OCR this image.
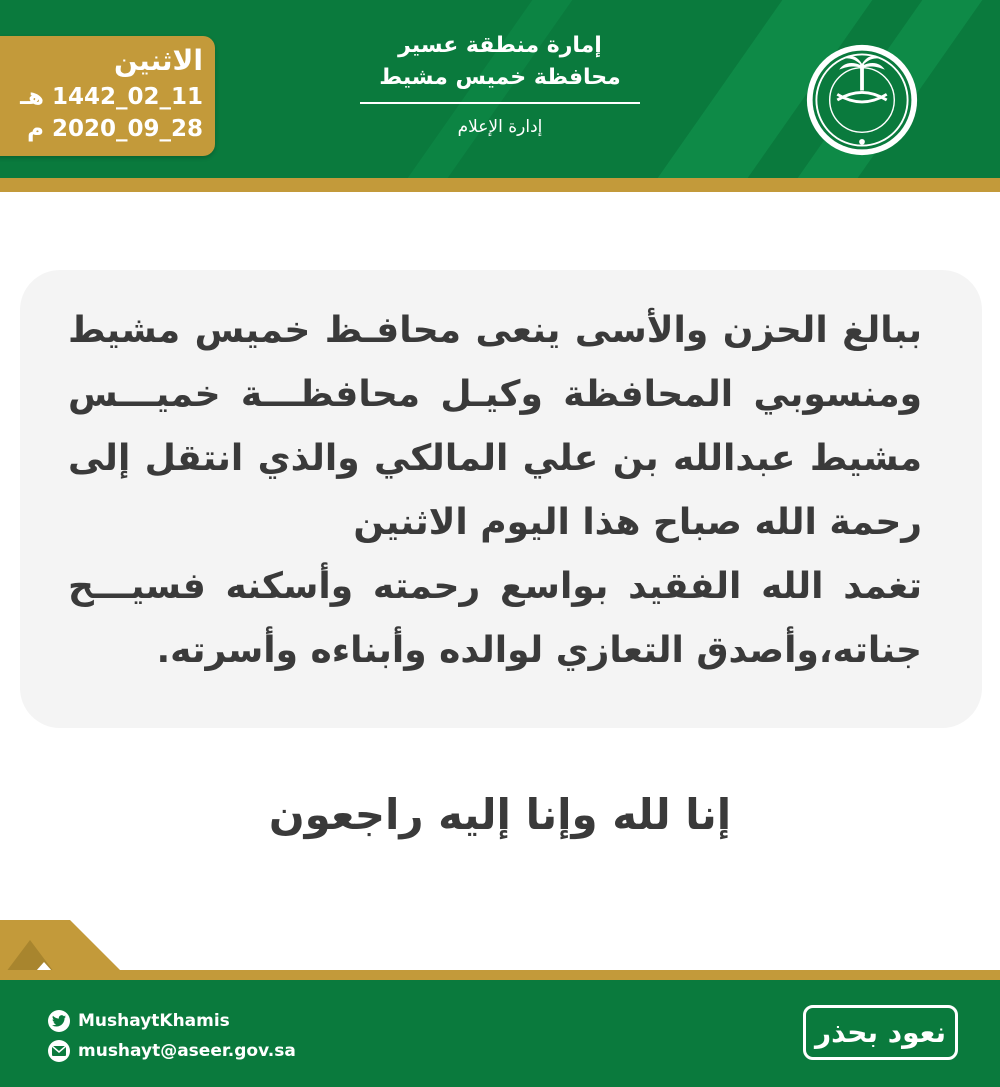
الاثنين
11_02_1442 هـ
28_09_2020 م
إمارة منطقة عسير
محافظة خميس مشيط
إدارة الإعلام
ببالغ الحزن والأسى ينعى محافـظ خميس مشيط
ومنسوبي المحافظة وكيـل محافظـــة خميـــس
مشيط عبدالله بن علي المالكي والذي انتقل إلى
رحمة الله صباح هذا اليوم الاثنين
تغمد الله الفقيد بواسع رحمته وأسكنه فسيـــح
جناته،وأصدق التعازي لوالده وأبناءه وأسرته.
إنا لله وإنا إليه راجعون
MushaytKhamis
mushayt@aseer.gov.sa
نعود بحذر
